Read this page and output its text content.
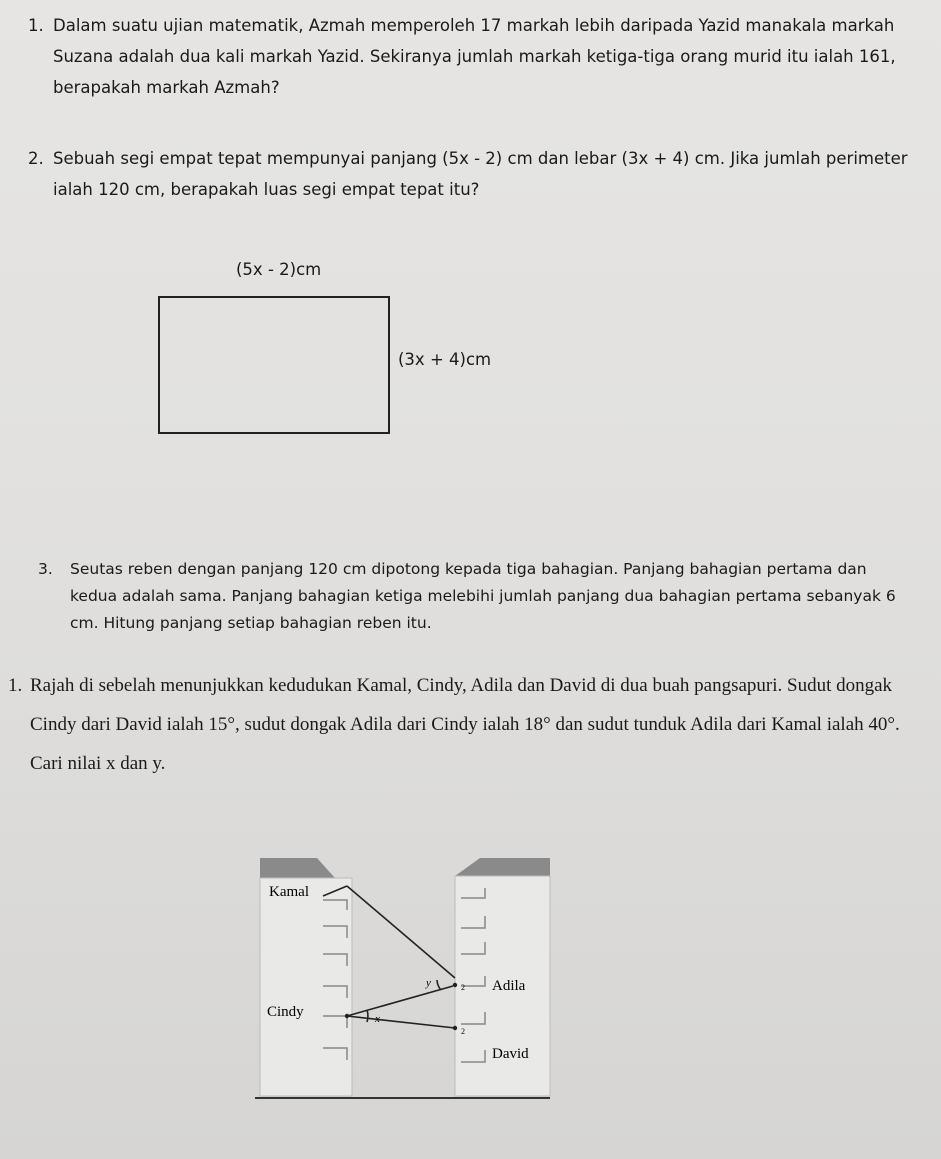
1. Dalam suatu ujian matematik, Azmah memperoleh 17 markah lebih daripada Yazid manakala markah Suzana adalah dua kali markah Yazid. Sekiranya jumlah markah ketiga-tiga orang murid itu ialah 161, berapakah markah Azmah?
2. Sebuah segi empat tepat mempunyai panjang (5x - 2) cm dan lebar (3x + 4) cm. Jika jumlah perimeter ialah 120 cm, berapakah luas segi empat tepat itu?
(5x - 2)cm
(3x + 4)cm
3. Seutas reben dengan panjang 120 cm dipotong kepada tiga bahagian. Panjang bahagian pertama dan kedua adalah sama. Panjang bahagian ketiga melebihi jumlah panjang dua bahagian pertama sebanyak 6 cm. Hitung panjang setiap bahagian reben itu.
1. Rajah di sebelah menunjukkan kedudukan Kamal, Cindy, Adila dan David di dua buah pangsapuri. Sudut dongak Cindy dari David ialah 15°, sudut dongak Adila dari Cindy ialah 18° dan sudut tunduk Adila dari Kamal ialah 40°. Cari nilai x dan y.
Kamal
Cindy
Adila
David
x
y	2
2
